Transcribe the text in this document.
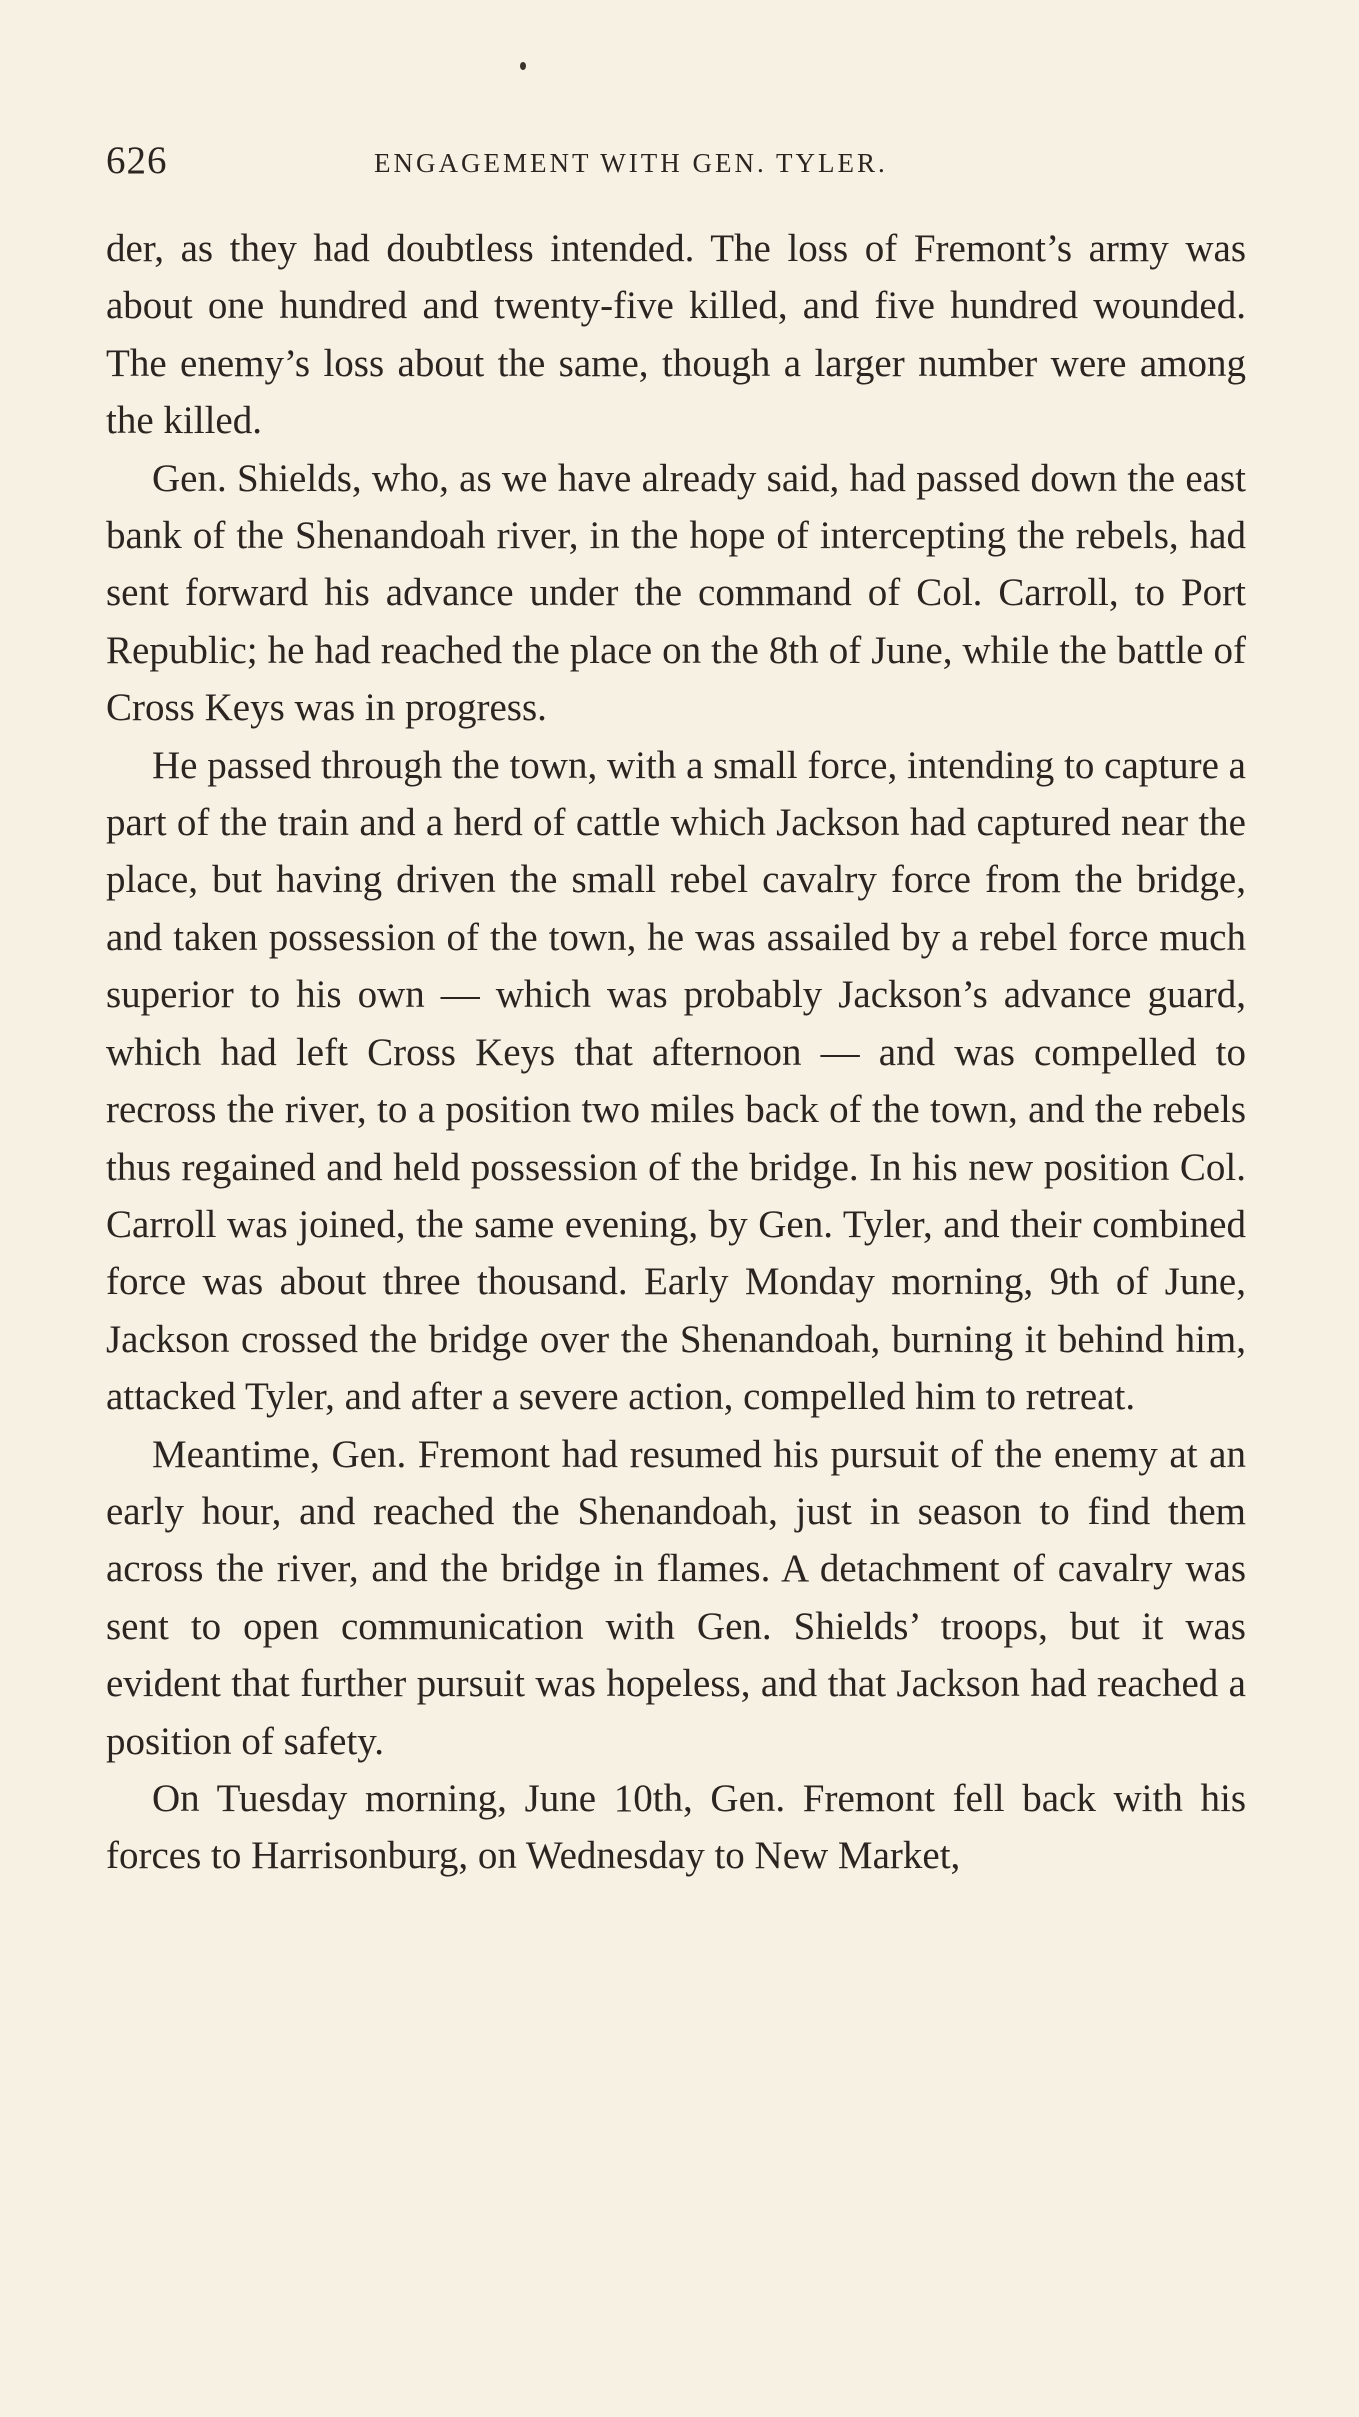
626	ENGAGEMENT WITH GEN. TYLER.

der, as they had doubtless intended. The loss of Fremont’s army was about one hundred and twenty-five killed, and five hundred wounded. The enemy’s loss about the same, though a larger number were among the killed.

Gen. Shields, who, as we have already said, had passed down the east bank of the Shenandoah river, in the hope of intercepting the rebels, had sent forward his advance under the command of Col. Carroll, to Port Republic; he had reached the place on the 8th of June, while the battle of Cross Keys was in progress.

He passed through the town, with a small force, intending to capture a part of the train and a herd of cattle which Jackson had captured near the place, but having driven the small rebel cavalry force from the bridge, and taken possession of the town, he was assailed by a rebel force much superior to his own — which was probably Jackson’s advance guard, which had left Cross Keys that afternoon — and was compelled to recross the river, to a position two miles back of the town, and the rebels thus regained and held possession of the bridge. In his new position Col. Carroll was joined, the same evening, by Gen. Tyler, and their combined force was about three thousand. Early Monday morning, 9th of June, Jackson crossed the bridge over the Shenandoah, burning it behind him, attacked Tyler, and after a severe action, compelled him to retreat.

Meantime, Gen. Fremont had resumed his pursuit of the enemy at an early hour, and reached the Shenandoah, just in season to find them across the river, and the bridge in flames. A detachment of cavalry was sent to open communication with Gen. Shields’ troops, but it was evident that further pursuit was hopeless, and that Jackson had reached a position of safety.

On Tuesday morning, June 10th, Gen. Fremont fell back with his forces to Harrisonburg, on Wednesday to New Market,
